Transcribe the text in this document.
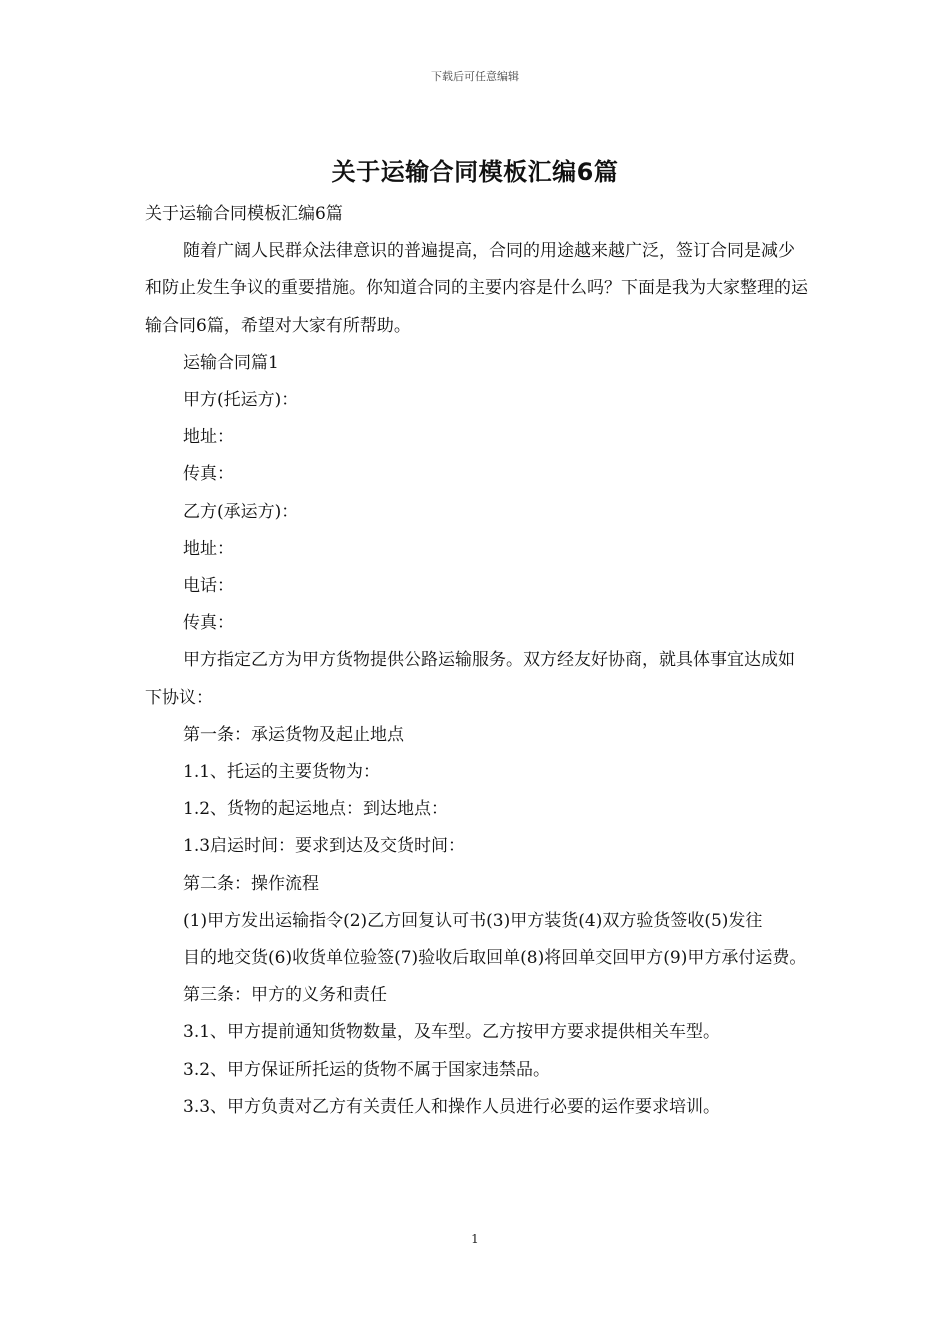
下载后可任意编辑
关于运输合同模板汇编6篇

关于运输合同模板汇编6篇

随着广阔人民群众法律意识的普遍提高，合同的用途越来越广泛，签订合同是减少和防止发生争议的重要措施。你知道合同的主要内容是什么吗？下面是我为大家整理的运输合同6篇，希望对大家有所帮助。

运输合同篇1

甲方(托运方)：

地址：

传真：

乙方(承运方)：

地址：

电话：

传真：

甲方指定乙方为甲方货物提供公路运输服务。双方经友好协商，就具体事宜达成如下协议：

第一条：承运货物及起止地点

1.1、托运的主要货物为：

1.2、货物的起运地点：到达地点：

1.3启运时间：要求到达及交货时间：

第二条：操作流程

(1)甲方发出运输指令(2)乙方回复认可书(3)甲方装货(4)双方验货签收(5)发往

目的地交货(6)收货单位验签(7)验收后取回单(8)将回单交回甲方(9)甲方承付运费。

第三条：甲方的义务和责任

3.1、甲方提前通知货物数量，及车型。乙方按甲方要求提供相关车型。

3.2、甲方保证所托运的货物不属于国家违禁品。

3.3、甲方负责对乙方有关责任人和操作人员进行必要的运作要求培训。

1
